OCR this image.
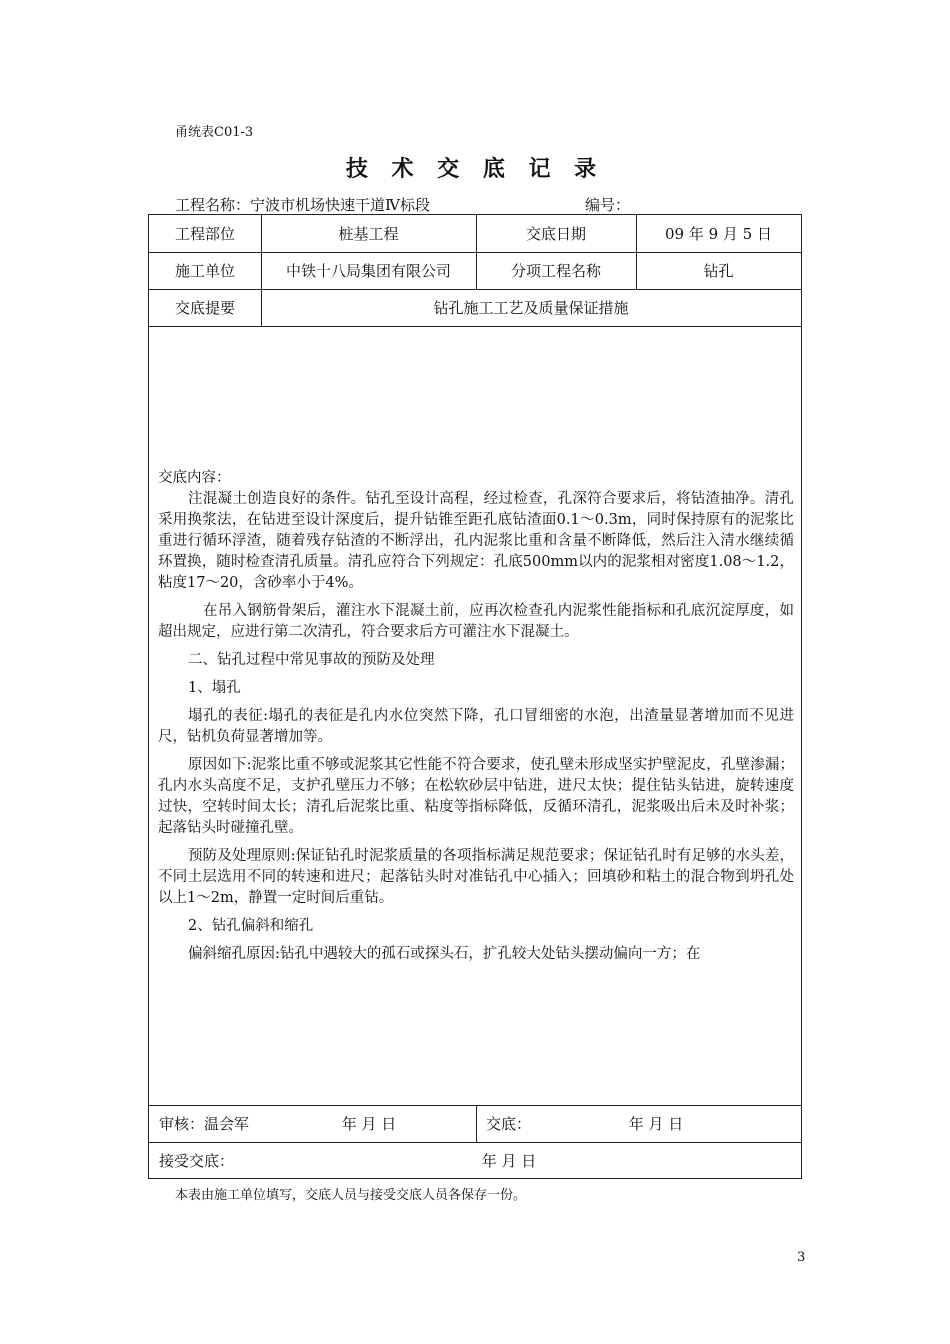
甬统表C01-3
技 术 交 底 记 录
工程名称：宁波市机场快速干道Ⅳ标段	编号：
工程部位	桩基工程	交底日期	09 年 9 月 5 日
施工单位	中铁十八局集团有限公司	分项工程名称	钻孔
交底提要	钻孔施工工艺及质量保证措施
审核：温会军	年 月 日	交底：	年 月 日
接受交底：	年 月 日

交底内容：

注混凝土创造良好的条件。钻孔至设计高程，经过检查，孔深符合要求后，将钻渣抽净。清孔采用换浆法，在钻进至设计深度后，提升钻锥至距孔底钻渣面0.1～0.3m，同时保持原有的泥浆比重进行循环浮渣，随着残存钻渣的不断浮出，孔内泥浆比重和含量不断降低，然后注入清水继续循环置换，随时检查清孔质量。清孔应符合下列规定：孔底500mm以内的泥浆相对密度1.08～1.2，粘度17～20，含砂率小于4%。

在吊入钢筋骨架后，灌注水下混凝土前，应再次检查孔内泥浆性能指标和孔底沉淀厚度，如超出规定，应进行第二次清孔，符合要求后方可灌注水下混凝土。

二、钻孔过程中常见事故的预防及处理

1、塌孔

塌孔的表征:塌孔的表征是孔内水位突然下降，孔口冒细密的水泡，出渣量显著增加而不见进尺，钻机负荷显著增加等。

原因如下:泥浆比重不够或泥浆其它性能不符合要求，使孔壁未形成坚实护壁泥皮，孔壁渗漏；孔内水头高度不足，支护孔壁压力不够；在松软砂层中钻进，进尺太快；提住钻头钻进，旋转速度过快，空转时间太长；清孔后泥浆比重、粘度等指标降低，反循环清孔，泥浆吸出后未及时补浆；起落钻头时碰撞孔壁。

预防及处理原则:保证钻孔时泥浆质量的各项指标满足规范要求；保证钻孔时有足够的水头差，不同土层选用不同的转速和进尺；起落钻头时对准钻孔中心插入；回填砂和粘土的混合物到坍孔处以上1～2m，静置一定时间后重钻。

2、钻孔偏斜和缩孔

偏斜缩孔原因:钻孔中遇较大的孤石或探头石，扩孔较大处钻头摆动偏向一方；在

本表由施工单位填写，交底人员与接受交底人员各保存一份。
3
